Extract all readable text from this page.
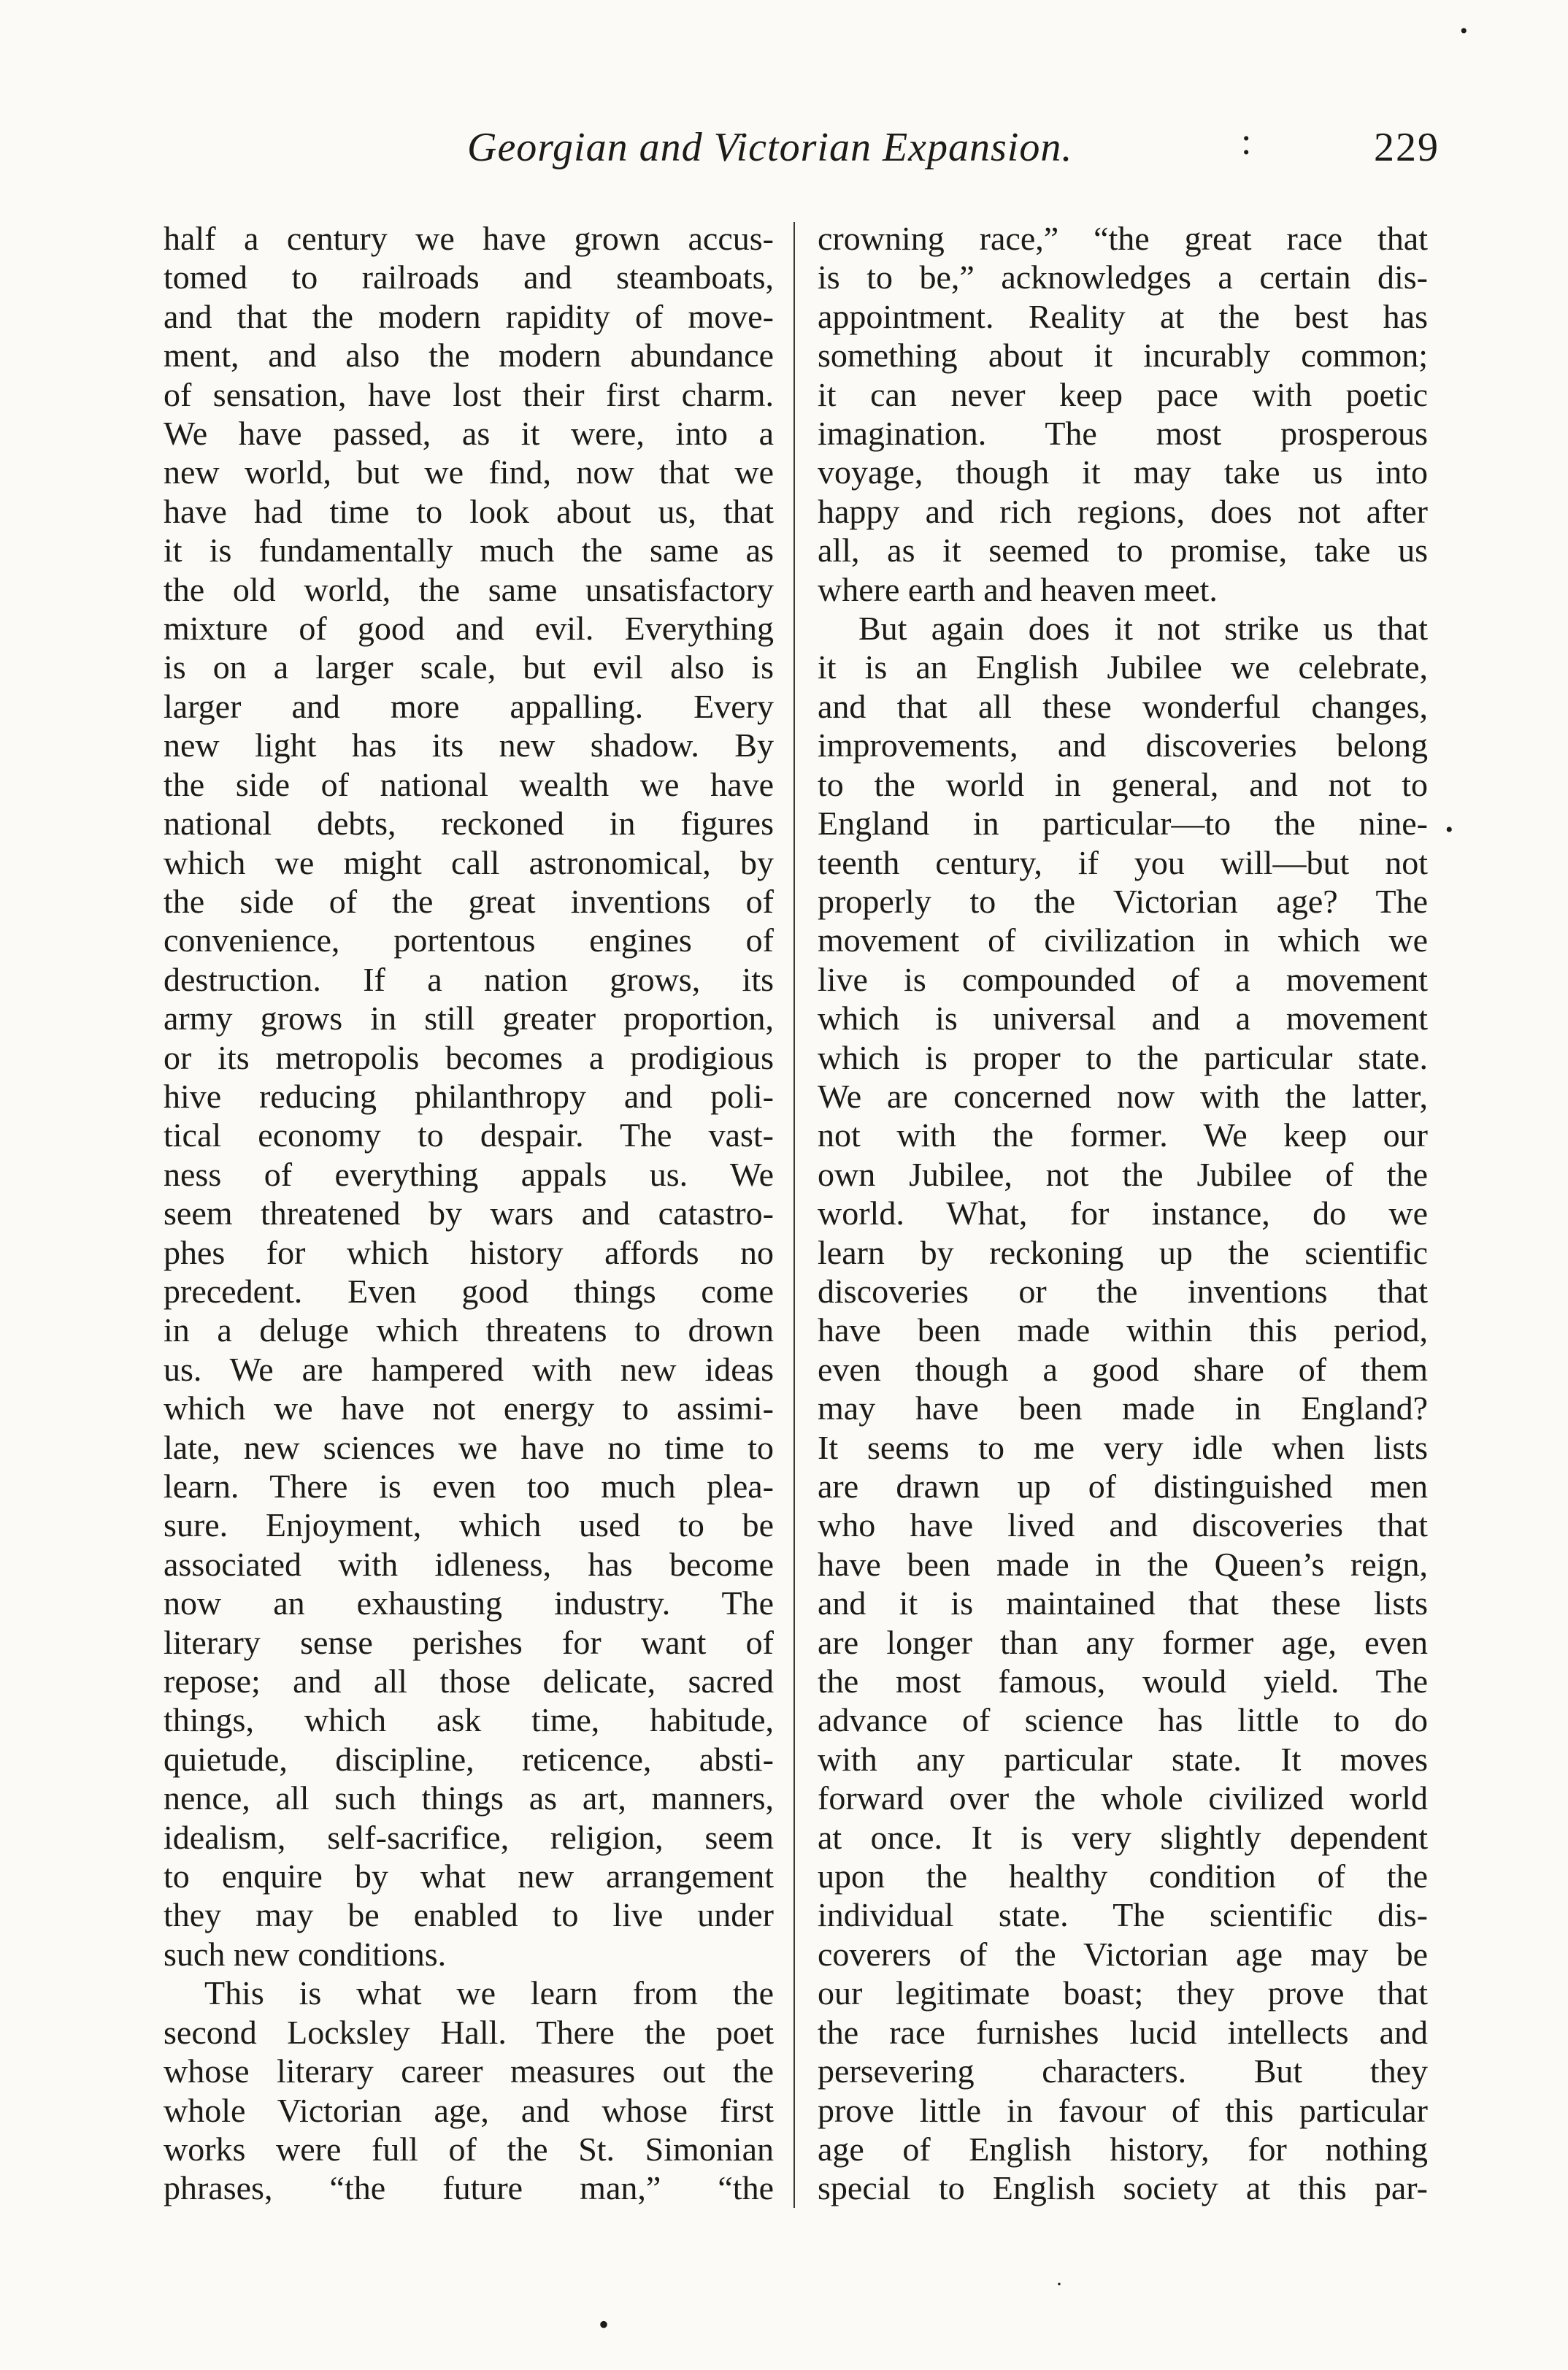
•
Georgian and Victorian Expansion.	:	229
half a century we have grown accus-
tomed to railroads and steamboats,
and that the modern rapidity of move-
ment, and also the modern abundance
of sensation, have lost their first charm.
We have passed, as it were, into a
new world, but we find, now that we
have had time to look about us, that
it is fundamentally much the same as
the old world, the same unsatisfactory
mixture of good and evil. Everything
is on a larger scale, but evil also is
larger and more appalling. Every
new light has its new shadow. By
the side of national wealth we have
national debts, reckoned in figures
which we might call astronomical, by
the side of the great inventions of
convenience, portentous engines of
destruction. If a nation grows, its
army grows in still greater proportion,
or its metropolis becomes a prodigious
hive reducing philanthropy and poli-
tical economy to despair. The vast-
ness of everything appals us. We
seem threatened by wars and catastro-
phes for which history affords no
precedent. Even good things come
in a deluge which threatens to drown
us. We are hampered with new ideas
which we have not energy to assimi-
late, new sciences we have no time to
learn. There is even too much plea-
sure. Enjoyment, which used to be
associated with idleness, has become
now an exhausting industry. The
literary sense perishes for want of
repose; and all those delicate, sacred
things, which ask time, habitude,
quietude, discipline, reticence, absti-
nence, all such things as art, manners,
idealism, self-sacrifice, religion, seem
to enquire by what new arrangement
they may be enabled to live under
such new conditions.
This is what we learn from the
second Locksley Hall. There the poet
whose literary career measures out the
whole Victorian age, and whose first
works were full of the St. Simonian
phrases, “the future man,” “the
crowning race,” “the great race that
is to be,” acknowledges a certain dis-
appointment. Reality at the best has
something about it incurably common;
it can never keep pace with poetic
imagination. The most prosperous
voyage, though it may take us into
happy and rich regions, does not after
all, as it seemed to promise, take us
where earth and heaven meet.
But again does it not strike us that
it is an English Jubilee we celebrate,
and that all these wonderful changes,
improvements, and discoveries belong
to the world in general, and not to
England in particular—to the nine-
teenth century, if you will—but not
properly to the Victorian age? The
movement of civilization in which we
live is compounded of a movement
which is universal and a movement
which is proper to the particular state.
We are concerned now with the latter,
not with the former. We keep our
own Jubilee, not the Jubilee of the
world. What, for instance, do we
learn by reckoning up the scientific
discoveries or the inventions that
have been made within this period,
even though a good share of them
may have been made in England?
It seems to me very idle when lists
are drawn up of distinguished men
who have lived and discoveries that
have been made in the Queen’s reign,
and it is maintained that these lists
are longer than any former age, even
the most famous, would yield. The
advance of science has little to do
with any particular state. It moves
forward over the whole civilized world
at once. It is very slightly dependent
upon the healthy condition of the
individual state. The scientific dis-
coverers of the Victorian age may be
our legitimate boast; they prove that
the race furnishes lucid intellects and
persevering characters. But they
prove little in favour of this particular
age of English history, for nothing
special to English society at this par-
•
•
·
